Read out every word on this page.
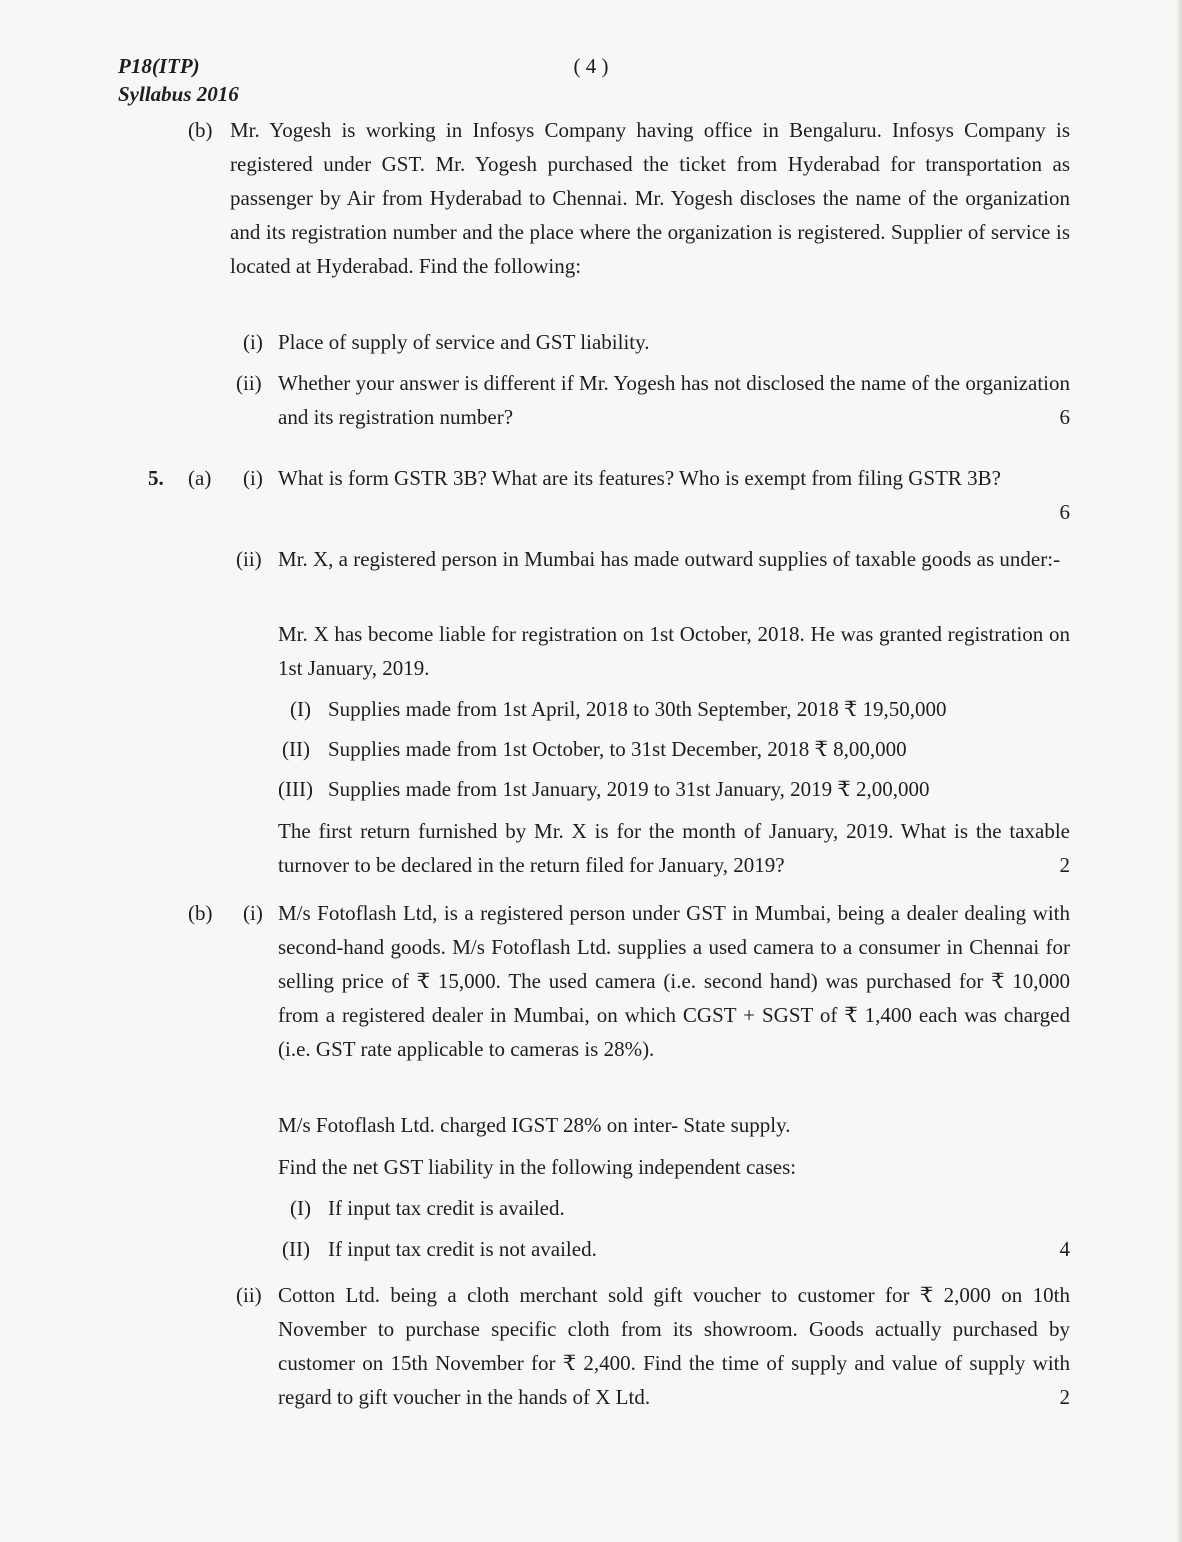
P18(ITP)
Syllabus 2016
( 4 )
(b) Mr. Yogesh is working in Infosys Company having office in Bengaluru. Infosys Company is registered under GST. Mr. Yogesh purchased the ticket from Hyderabad for transportation as passenger by Air from Hyderabad to Chennai. Mr. Yogesh discloses the name of the organization and its registration number and the place where the organization is registered. Supplier of service is located at Hyderabad. Find the following:
(i) Place of supply of service and GST liability.
(ii) Whether your answer is different if Mr. Yogesh has not disclosed the name of the organization and its registration number?	6
5. (a) (i) What is form GSTR 3B? What are its features? Who is exempt from filing GSTR 3B?
6
(ii) Mr. X, a registered person in Mumbai has made outward supplies of taxable goods as under:-
Mr. X has become liable for registration on 1st October, 2018. He was granted registration on 1st January, 2019.
(I) Supplies made from 1st April, 2018 to 30th September, 2018 ₹ 19,50,000
(II) Supplies made from 1st October, to 31st December, 2018 ₹ 8,00,000
(III) Supplies made from 1st January, 2019 to 31st January, 2019 ₹ 2,00,000
The first return furnished by Mr. X is for the month of January, 2019. What is the taxable turnover to be declared in the return filed for January, 2019?	2
(b) (i) M/s Fotoflash Ltd, is a registered person under GST in Mumbai, being a dealer dealing with second-hand goods. M/s Fotoflash Ltd. supplies a used camera to a consumer in Chennai for selling price of ₹ 15,000. The used camera (i.e. second hand) was purchased for ₹ 10,000 from a registered dealer in Mumbai, on which CGST + SGST of ₹ 1,400 each was charged (i.e. GST rate applicable to cameras is 28%).
M/s Fotoflash Ltd. charged IGST 28% on inter- State supply.
Find the net GST liability in the following independent cases:
(I) If input tax credit is availed.
(II) If input tax credit is not availed.	4
(ii) Cotton Ltd. being a cloth merchant sold gift voucher to customer for ₹ 2,000 on 10th November to purchase specific cloth from its showroom. Goods actually purchased by customer on 15th November for ₹ 2,400. Find the time of supply and value of supply with regard to gift voucher in the hands of X Ltd.	2
